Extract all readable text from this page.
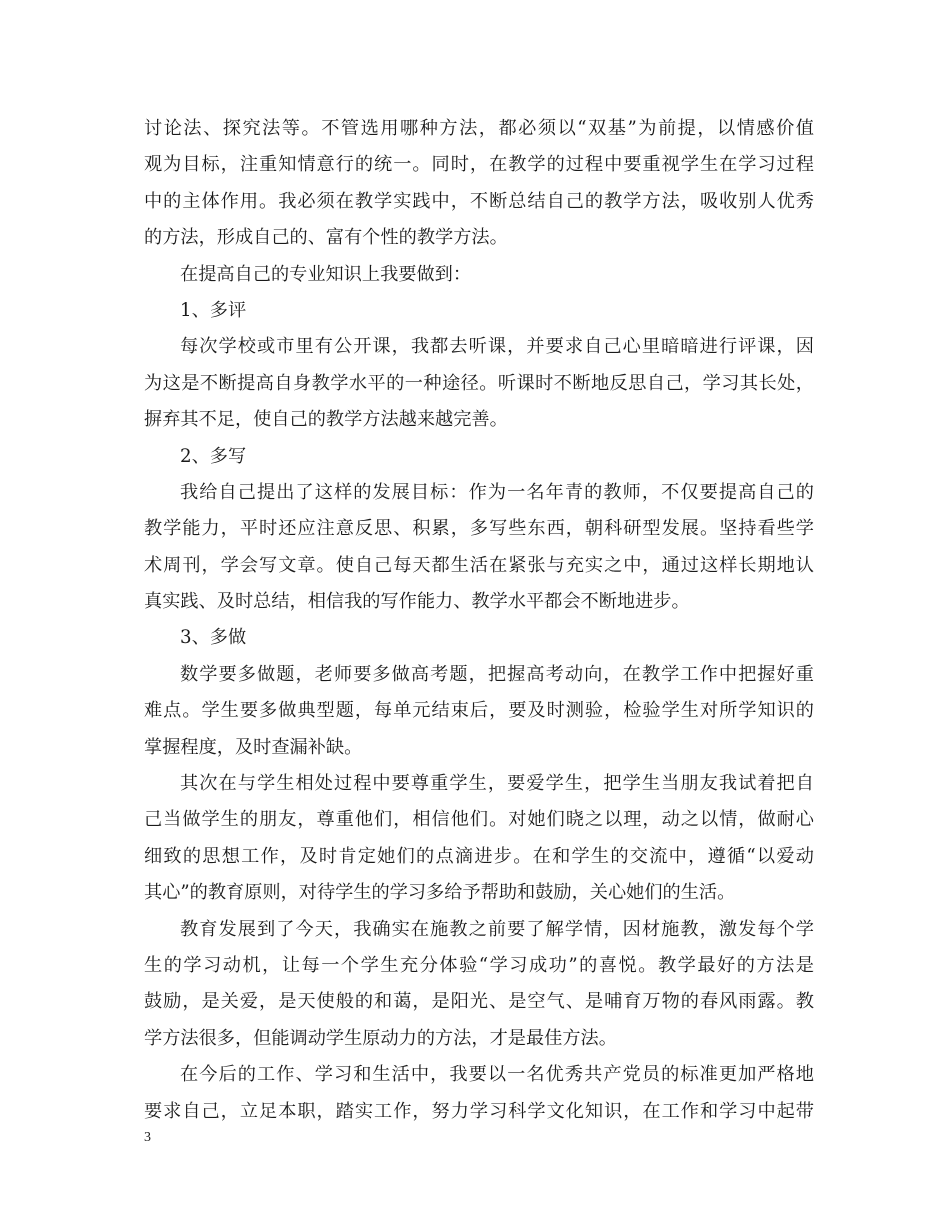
讨论法、探究法等。不管选用哪种方法，都必须以“双基”为前提，以情感价值
观为目标，注重知情意行的统一。同时，在教学的过程中要重视学生在学习过程
中的主体作用。我必须在教学实践中，不断总结自己的教学方法，吸收别人优秀
的方法，形成自己的、富有个性的教学方法。
在提高自己的专业知识上我要做到：
1、多评
每次学校或市里有公开课，我都去听课，并要求自己心里暗暗进行评课，因
为这是不断提高自身教学水平的一种途径。听课时不断地反思自己，学习其长处，
摒弃其不足，使自己的教学方法越来越完善。
2、多写
我给自己提出了这样的发展目标：作为一名年青的教师，不仅要提高自己的
教学能力，平时还应注意反思、积累，多写些东西，朝科研型发展。坚持看些学
术周刊，学会写文章。使自己每天都生活在紧张与充实之中，通过这样长期地认
真实践、及时总结，相信我的写作能力、教学水平都会不断地进步。
3、多做
数学要多做题，老师要多做高考题，把握高考动向，在教学工作中把握好重
难点。学生要多做典型题，每单元结束后，要及时测验，检验学生对所学知识的
掌握程度，及时查漏补缺。
其次在与学生相处过程中要尊重学生，要爱学生，把学生当朋友我试着把自
己当做学生的朋友，尊重他们，相信他们。对她们晓之以理，动之以情，做耐心
细致的思想工作，及时肯定她们的点滴进步。在和学生的交流中，遵循“以爱动
其心”的教育原则，对待学生的学习多给予帮助和鼓励，关心她们的生活。
教育发展到了今天，我确实在施教之前要了解学情，因材施教，激发每个学
生的学习动机，让每一个学生充分体验“学习成功”的喜悦。教学最好的方法是
鼓励，是关爱，是天使般的和蔼，是阳光、是空气、是哺育万物的春风雨露。教
学方法很多，但能调动学生原动力的方法，才是最佳方法。
在今后的工作、学习和生活中，我要以一名优秀共产党员的标准更加严格地
要求自己，立足本职，踏实工作，努力学习科学文化知识，在工作和学习中起带
3
